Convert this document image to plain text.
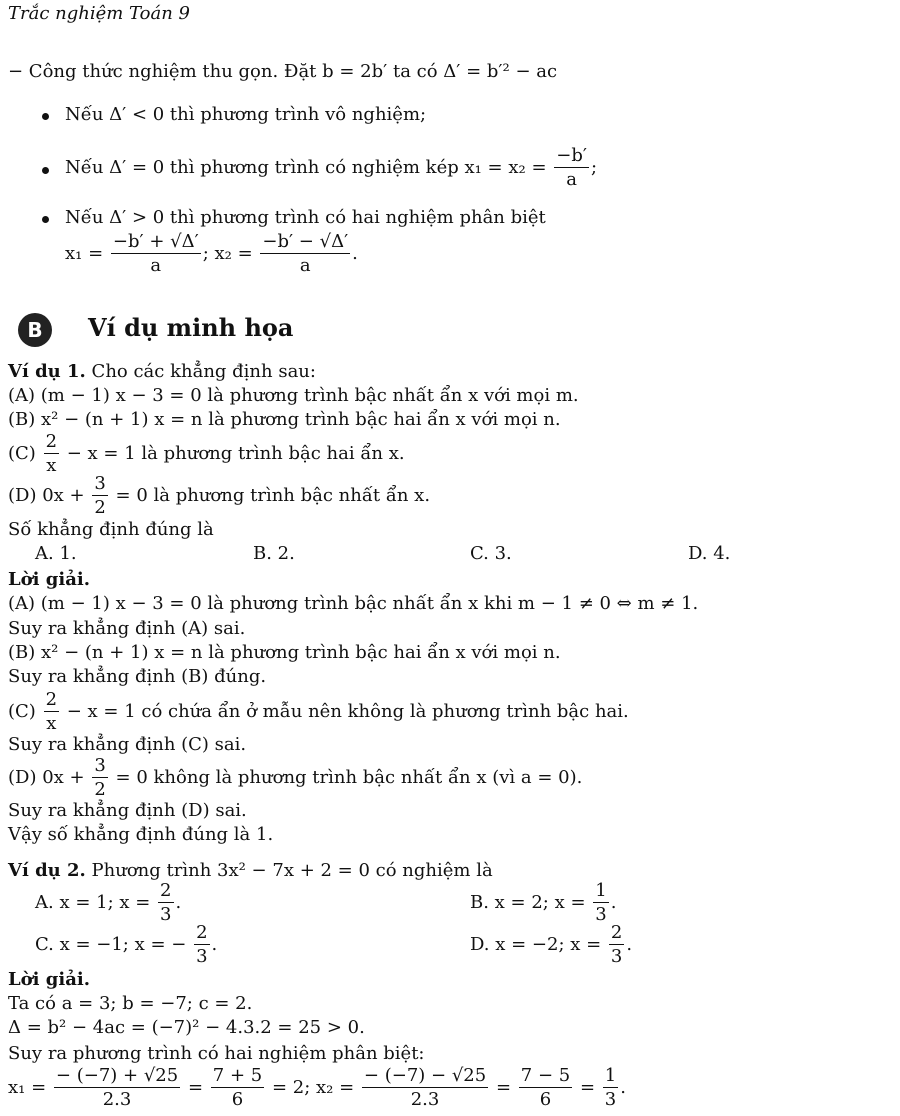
Trắc nghiệm Toán 9
− Công thức nghiệm thu gọn. Đặt b = 2b′ ta có Δ′ = b′² − ac
Nếu Δ′ < 0 thì phương trình vô nghiệm;
Nếu Δ′ = 0 thì phương trình có nghiệm kép $x_1 = x_2 = \frac{-b'}{a}$ ;
Nếu Δ′ > 0 thì phương trình có hai nghiệm phân biệt
$x_1 = \frac{-b' + √\Delta'}{a}$ ; $x_2 = \frac{-b' - √\Delta'}{a}$ .
B	Ví dụ minh họa
Ví dụ 1. Cho các khẳng định sau:
(A) (m − 1) x − 3 = 0 là phương trình bậc nhất ẩn x với mọi m.
(B) x² − (n + 1) x = n là phương trình bậc hai ẩn x với mọi n.
$(C) \frac{2}{x} - x = 1$ là phương trình bậc hai ẩn x.
(D) $0x + \frac{3}{2} = 0$ là phương trình bậc nhất ẩn x.
Số khẳng định đúng là
A. 1.	B. 2.	C. 3.	D. 4.
Lời giải.
(A) (m − 1) x − 3 = 0 là phương trình bậc nhất ẩn x khi m − 1 ≠ 0 ⇔ m ≠ 1.
Suy ra khẳng định (A) sai.
(B) x² − (n + 1) x = n là phương trình bậc hai ẩn x với mọi n.
Suy ra khẳng định (B) đúng.
$(C) \frac{2}{x} - x = 1$ có chứa ẩn ở mẫu nên không là phương trình bậc hai.
Suy ra khẳng định (C) sai.
(D) $0x + \frac{3}{2} = 0$ không là phương trình bậc nhất ẩn x (vì a = 0).
Suy ra khẳng định (D) sai.
Vậy số khẳng định đúng là 1.
Ví dụ 2. Phương trình 3x² − 7x + 2 = 0 có nghiệm là
A. x = 1; $x = \frac{2}{3}$ .	B. x = 2; $x = \frac{1}{3}$ .
C. x = −1; x = − $\frac{2}{3}$ .	D. x = −2; $x = \frac{2}{3}$ .
Lời giải.
Ta có a = 3; b = −7; c = 2.
Δ = b² − 4ac = (−7)² − 4.3.2 = 25 > 0.
Suy ra phương trình có hai nghiệm phân biệt:
$x_1 = \frac{- (-7) + √25}{2.3} = \frac{7 + 5}{6} = 2$; $x_2 = \frac{- (-7) - √25}{2.3} = \frac{7 - 5}{6} = \frac{1}{3}$ .
